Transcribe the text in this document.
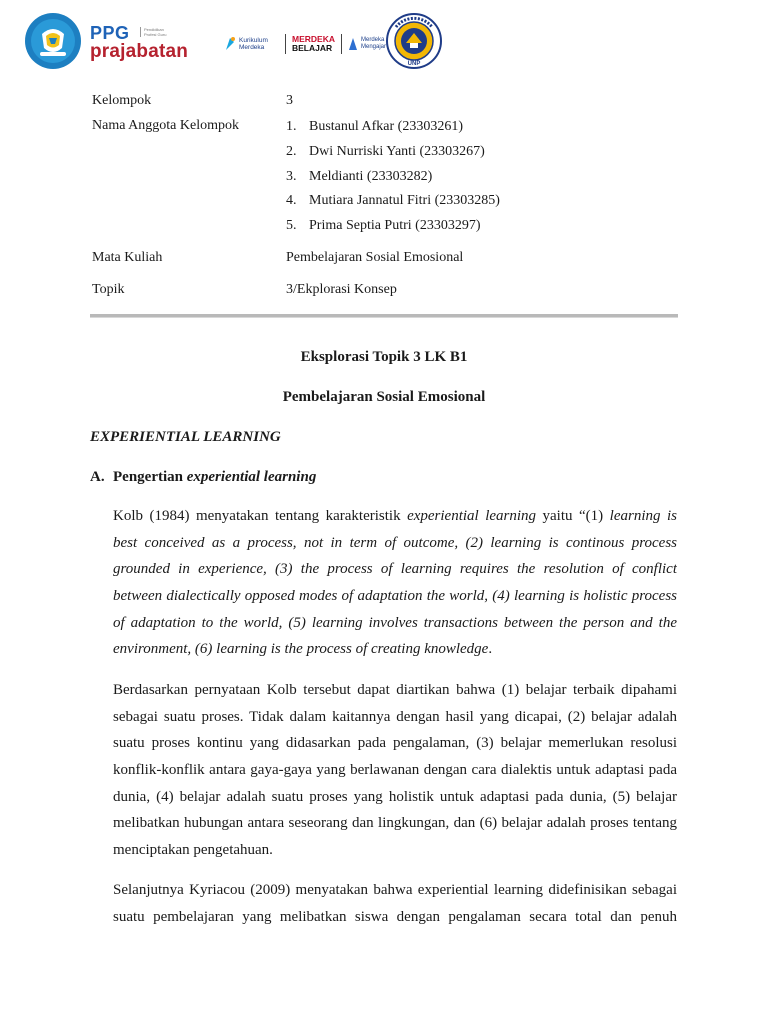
PPG	Pendidikan Profesi Guru
prajabatan
Kurikulum Merdeka
MERDEKA
BELAJAR
Merdeka Mengajar
UNP
Kelompok	3
Nama Anggota Kelompok	1. Bustanul Afkar (23303261)
2. Dwi Nurriski Yanti (23303267)
3. Meldianti (23303282)
4. Mutiara Jannatul Fitri (23303285)
5. Prima Septia Putri (23303297)
Mata Kuliah	Pembelajaran Sosial Emosional
Topik	3/Ekplorasi Konsep
Eksplorasi Topik 3 LK B1
Pembelajaran Sosial Emosional
EXPERIENTIAL LEARNING
A. Pengertian experiential learning
Kolb (1984) menyatakan tentang karakteristik experiential learning yaitu “(1) learning is
best conceived as a process, not in term of outcome, (2) learning is continous process
grounded in experience, (3) the process of learning requires the resolution of conflict
between dialectically opposed modes of adaptation the world, (4) learning is holistic process
of adaptation to the world, (5) learning involves transactions between the person and the
environment, (6) learning is the process of creating knowledge.
Berdasarkan pernyataan Kolb tersebut dapat diartikan bahwa (1) belajar terbaik dipahami
sebagai suatu proses. Tidak dalam kaitannya dengan hasil yang dicapai, (2) belajar adalah
suatu proses kontinu yang didasarkan pada pengalaman, (3) belajar memerlukan resolusi
konflik-konflik antara gaya-gaya yang berlawanan dengan cara dialektis untuk adaptasi pada
dunia, (4) belajar adalah suatu proses yang holistik untuk adaptasi pada dunia, (5) belajar
melibatkan hubungan antara seseorang dan lingkungan, dan (6) belajar adalah proses tentang
menciptakan pengetahuan.
Selanjutnya Kyriacou (2009) menyatakan bahwa experiential learning didefinisikan sebagai
suatu pembelajaran yang melibatkan siswa dengan pengalaman secara total dan penuh
